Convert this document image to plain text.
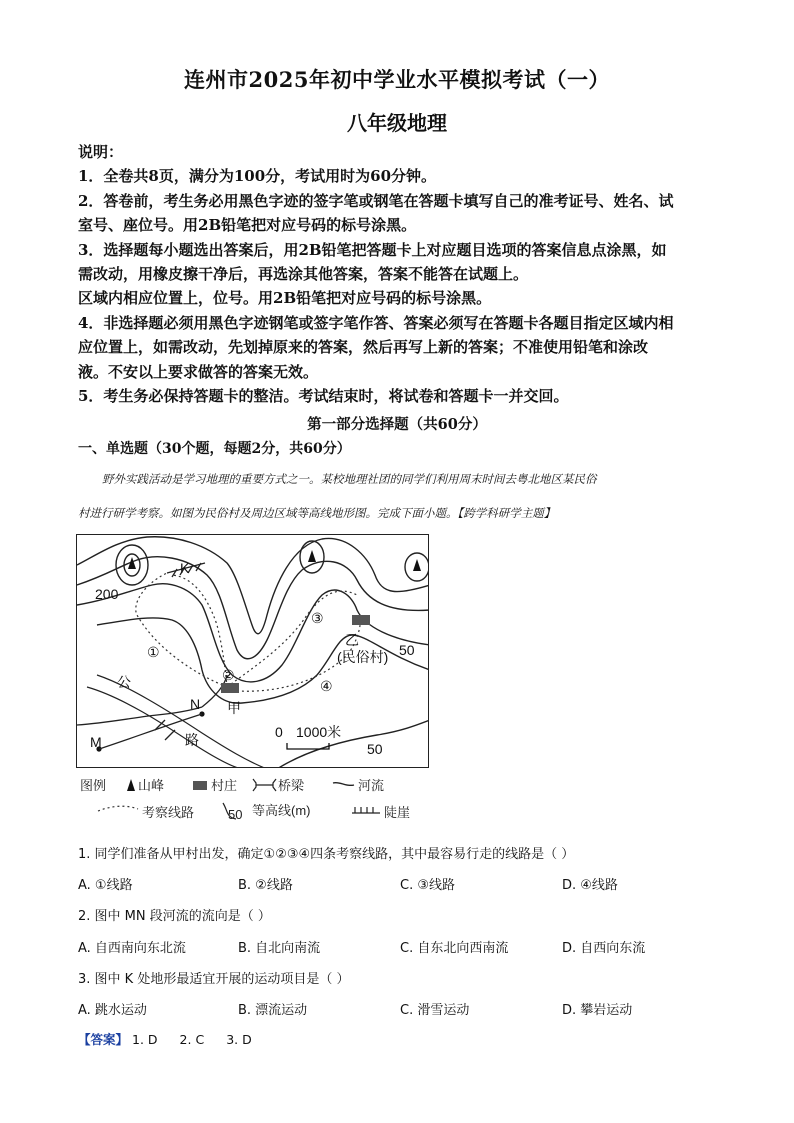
连州市2025年初中学业水平模拟考试（一）
八年级地理
说明：
1．全卷共8页，满分为100分，考试用时为60分钟。
2．答卷前，考生务必用黑色字迹的签字笔或钢笔在答题卡填写自己的准考证号、姓名、试
室号、座位号。用2B铅笔把对应号码的标号涂黑。
3．选择题每小题选出答案后，用2B铅笔把答题卡上对应题目选项的答案信息点涂黑，如
需改动，用橡皮擦干净后，再选涂其他答案，答案不能答在试题上。
区域内相应位置上，位号。用2B铅笔把对应号码的标号涂黑。
4．非选择题必须用黑色字迹钢笔或签字笔作答、答案必须写在答题卡各题目指定区域内相
应位置上，如需改动，先划掉原来的答案，然后再写上新的答案；不准使用铅笔和涂改
液。不安以上要求做答的答案无效。
5．考生务必保持答题卡的整洁。考试结束时，将试卷和答题卡一并交回。
第一部分选择题（共60分）
一、单选题（30个题，每题2分，共60分）
野外实践活动是学习地理的重要方式之一。某校地理社团的同学们利用周末时间去粤北地区某民俗
村进行研学考察。如图为民俗村及周边区域等高线地形图。完成下面小题。【跨学科研学主题】
K
200
50
50
①
②
③
④
乙
(民俗村)
甲
N
M
公
路	0 1000米
图例 山峰	村庄	桥梁	河流
考察线路	50 等高线(m)	陡崖
1. 同学们准备从甲村出发，确定①②③④四条考察线路，其中最容易行走的线路是（ ）
A. ①线路	B. ②线路	C. ③线路	D. ④线路
2. 图中 MN 段河流的流向是（ ）
A. 自西南向东北流	B. 自北向南流	C. 自东北向西南流	D. 自西向东流
3. 图中 K 处地形最适宜开展的运动项目是（ ）
A. 跳水运动	B. 漂流运动	C. 滑雪运动	D. 攀岩运动
【答案】 1. D 2. C 3. D
